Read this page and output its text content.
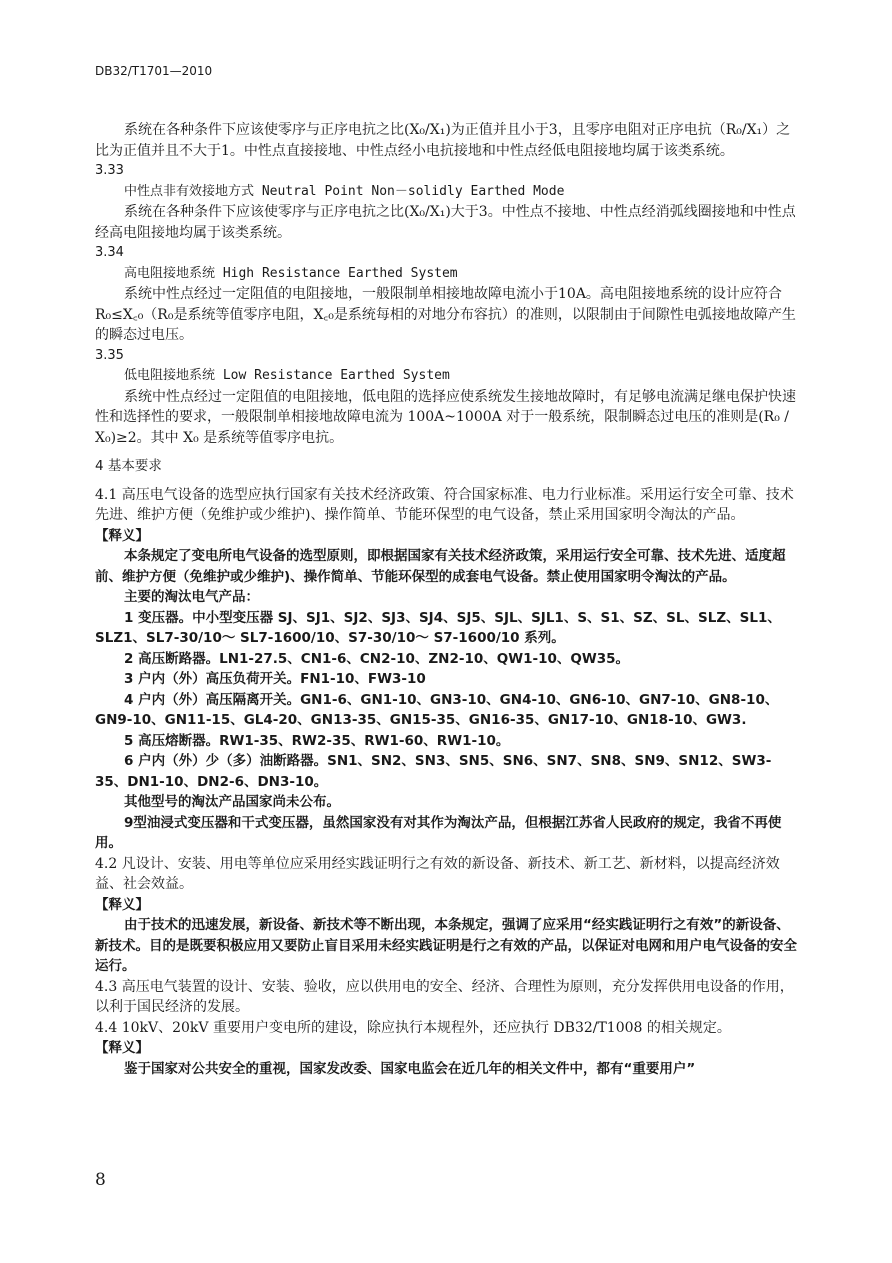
DB32/T1701—2010

系统在各种条件下应该使零序与正序电抗之比(X₀/X₁)为正值并且小于3，且零序电阻对正序电抗（R₀/X₁）之比为正值并且不大于1。中性点直接接地、中性点经小电抗接地和中性点经低电阻接地均属于该类系统。

3.33

中性点非有效接地方式 Neutral Point Non－solidly Earthed Mode

系统在各种条件下应该使零序与正序电抗之比(X₀/X₁)大于3。中性点不接地、中性点经消弧线圈接地和中性点经高电阻接地均属于该类系统。

3.34

高电阻接地系统 High Resistance Earthed System

系统中性点经过一定阻值的电阻接地，一般限制单相接地故障电流小于10A。高电阻接地系统的设计应符合R₀≤X꜀₀（R₀是系统等值零序电阻，X꜀₀是系统每相的对地分布容抗）的准则，以限制由于间隙性电弧接地故障产生的瞬态过电压。

3.35

低电阻接地系统 Low Resistance Earthed System

系统中性点经过一定阻值的电阻接地，低电阻的选择应使系统发生接地故障时，有足够电流满足继电保护快速性和选择性的要求，一般限制单相接地故障电流为 100A~1000A 对于一般系统，限制瞬态过电压的准则是(R₀ / X₀)≥2。其中 X₀ 是系统等值零序电抗。

4 基本要求

4.1 高压电气设备的选型应执行国家有关技术经济政策、符合国家标准、电力行业标准。采用运行安全可靠、技术先进、维护方便（免维护或少维护)、操作简单、节能环保型的电气设备，禁止采用国家明令淘汰的产品。

【释义】

本条规定了变电所电气设备的选型原则，即根据国家有关技术经济政策，采用运行安全可靠、技术先进、适度超前、维护方便（免维护或少维护)、操作简单、节能环保型的成套电气设备。禁止使用国家明令淘汰的产品。

主要的淘汰电气产品：

1 变压器。中小型变压器 SJ、SJ1、SJ2、SJ3、SJ4、SJ5、SJL、SJL1、S、S1、SZ、SL、SLZ、SL1、SLZ1、SL7-30/10～ SL7-1600/10、S7-30/10～ S7-1600/10 系列。

2 高压断路器。LN1-27.5、CN1-6、CN2-10、ZN2-10、QW1-10、QW35。

3 户内（外）高压负荷开关。FN1-10、FW3-10

4 户内（外）高压隔离开关。GN1-6、GN1-10、GN3-10、GN4-10、GN6-10、GN7-10、GN8-10、GN9-10、GN11-15、GL4-20、GN13-35、GN15-35、GN16-35、GN17-10、GN18-10、GW3.

5 高压熔断器。RW1-35、RW2-35、RW1-60、RW1-10。

6 户内（外）少（多）油断路器。SN1、SN2、SN3、SN5、SN6、SN7、SN8、SN9、SN12、SW3-35、DN1-10、DN2-6、DN3-10。

其他型号的淘汰产品国家尚未公布。

9型油浸式变压器和干式变压器，虽然国家没有对其作为淘汰产品，但根据江苏省人民政府的规定，我省不再使用。

4.2 凡设计、安装、用电等单位应采用经实践证明行之有效的新设备、新技术、新工艺、新材料，以提高经济效益、社会效益。

【释义】

由于技术的迅速发展，新设备、新技术等不断出现，本条规定，强调了应采用“经实践证明行之有效”的新设备、新技术。目的是既要积极应用又要防止盲目采用未经实践证明是行之有效的产品，以保证对电网和用户电气设备的安全运行。

4.3 高压电气装置的设计、安装、验收，应以供用电的安全、经济、合理性为原则，充分发挥供用电设备的作用，以利于国民经济的发展。

4.4 10kV、20kV 重要用户变电所的建设，除应执行本规程外，还应执行 DB32/T1008 的相关规定。

【释义】

鉴于国家对公共安全的重视，国家发改委、国家电监会在近几年的相关文件中，都有“重要用户”

8
